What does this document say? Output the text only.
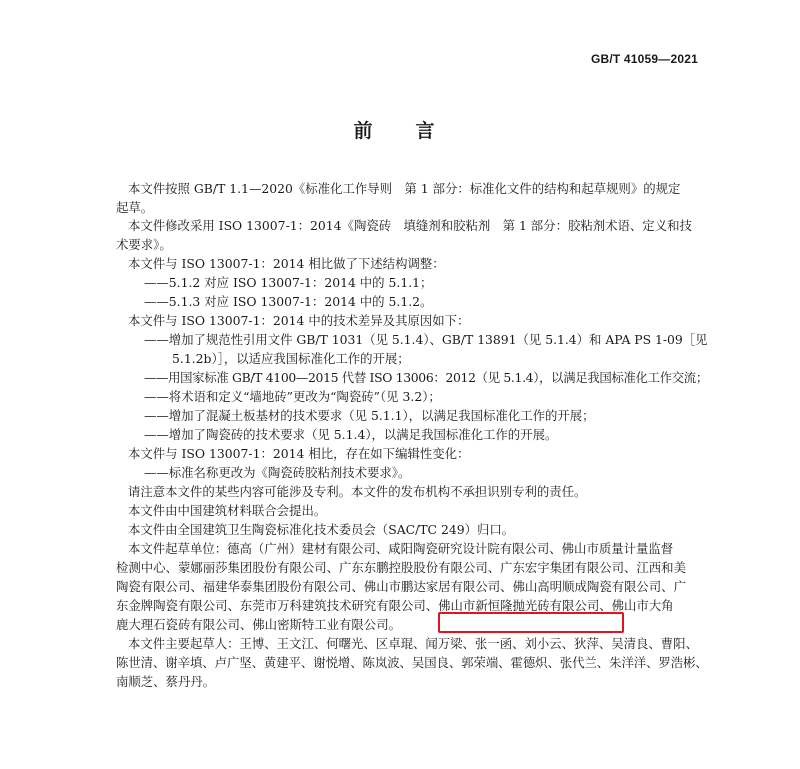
GB/T 41059—2021
前　言
本文件按照 GB/T 1.1—2020《标准化工作导则　第 1 部分：标准化文件的结构和起草规则》的规定
起草。
本文件修改采用 ISO 13007-1：2014《陶瓷砖　填缝剂和胶粘剂　第 1 部分：胶粘剂术语、定义和技
术要求》。
本文件与 ISO 13007-1：2014 相比做了下述结构调整：
——5.1.2 对应 ISO 13007-1：2014 中的 5.1.1；
——5.1.3 对应 ISO 13007-1：2014 中的 5.1.2。
本文件与 ISO 13007-1：2014 中的技术差异及其原因如下：
——增加了规范性引用文件 GB/T 1031（见 5.1.4）、GB/T 13891（见 5.1.4）和 APA PS 1-09［见
5.1.2b）］，以适应我国标准化工作的开展；
——用国家标准 GB/T 4100—2015 代替 ISO 13006：2012（见 5.1.4），以满足我国标准化工作交流；
——将术语和定义“墙地砖”更改为“陶瓷砖”（见 3.2）；
——增加了混凝土板基材的技术要求（见 5.1.1），以满足我国标准化工作的开展；
——增加了陶瓷砖的技术要求（见 5.1.4），以满足我国标准化工作的开展。
本文件与 ISO 13007-1：2014 相比，存在如下编辑性变化：
——标准名称更改为《陶瓷砖胶粘剂技术要求》。
请注意本文件的某些内容可能涉及专利。本文件的发布机构不承担识别专利的责任。
本文件由中国建筑材料联合会提出。
本文件由全国建筑卫生陶瓷标准化技术委员会（SAC/TC 249）归口。
本文件起草单位：德高（广州）建材有限公司、咸阳陶瓷研究设计院有限公司、佛山市质量计量监督
检测中心、蒙娜丽莎集团股份有限公司、广东东鹏控股股份有限公司、广东宏宇集团有限公司、江西和美
陶瓷有限公司、福建华泰集团股份有限公司、佛山市鹏达家居有限公司、佛山高明顺成陶瓷有限公司、广
东金牌陶瓷有限公司、东莞市万科建筑技术研究有限公司、佛山市新恒隆抛光砖有限公司、佛山市大角
鹿大理石瓷砖有限公司、佛山密斯特工业有限公司。
本文件主要起草人：王博、王文江、何曙光、区卓琨、闻万梁、张一函、刘小云、狄萍、吴清良、曹阳、
陈世清、谢辛填、卢广坚、黄建平、谢悦增、陈岚波、吴国良、郭荣端、霍德炽、张代兰、朱洋洋、罗浩彬、
南顺芝、蔡丹丹。
